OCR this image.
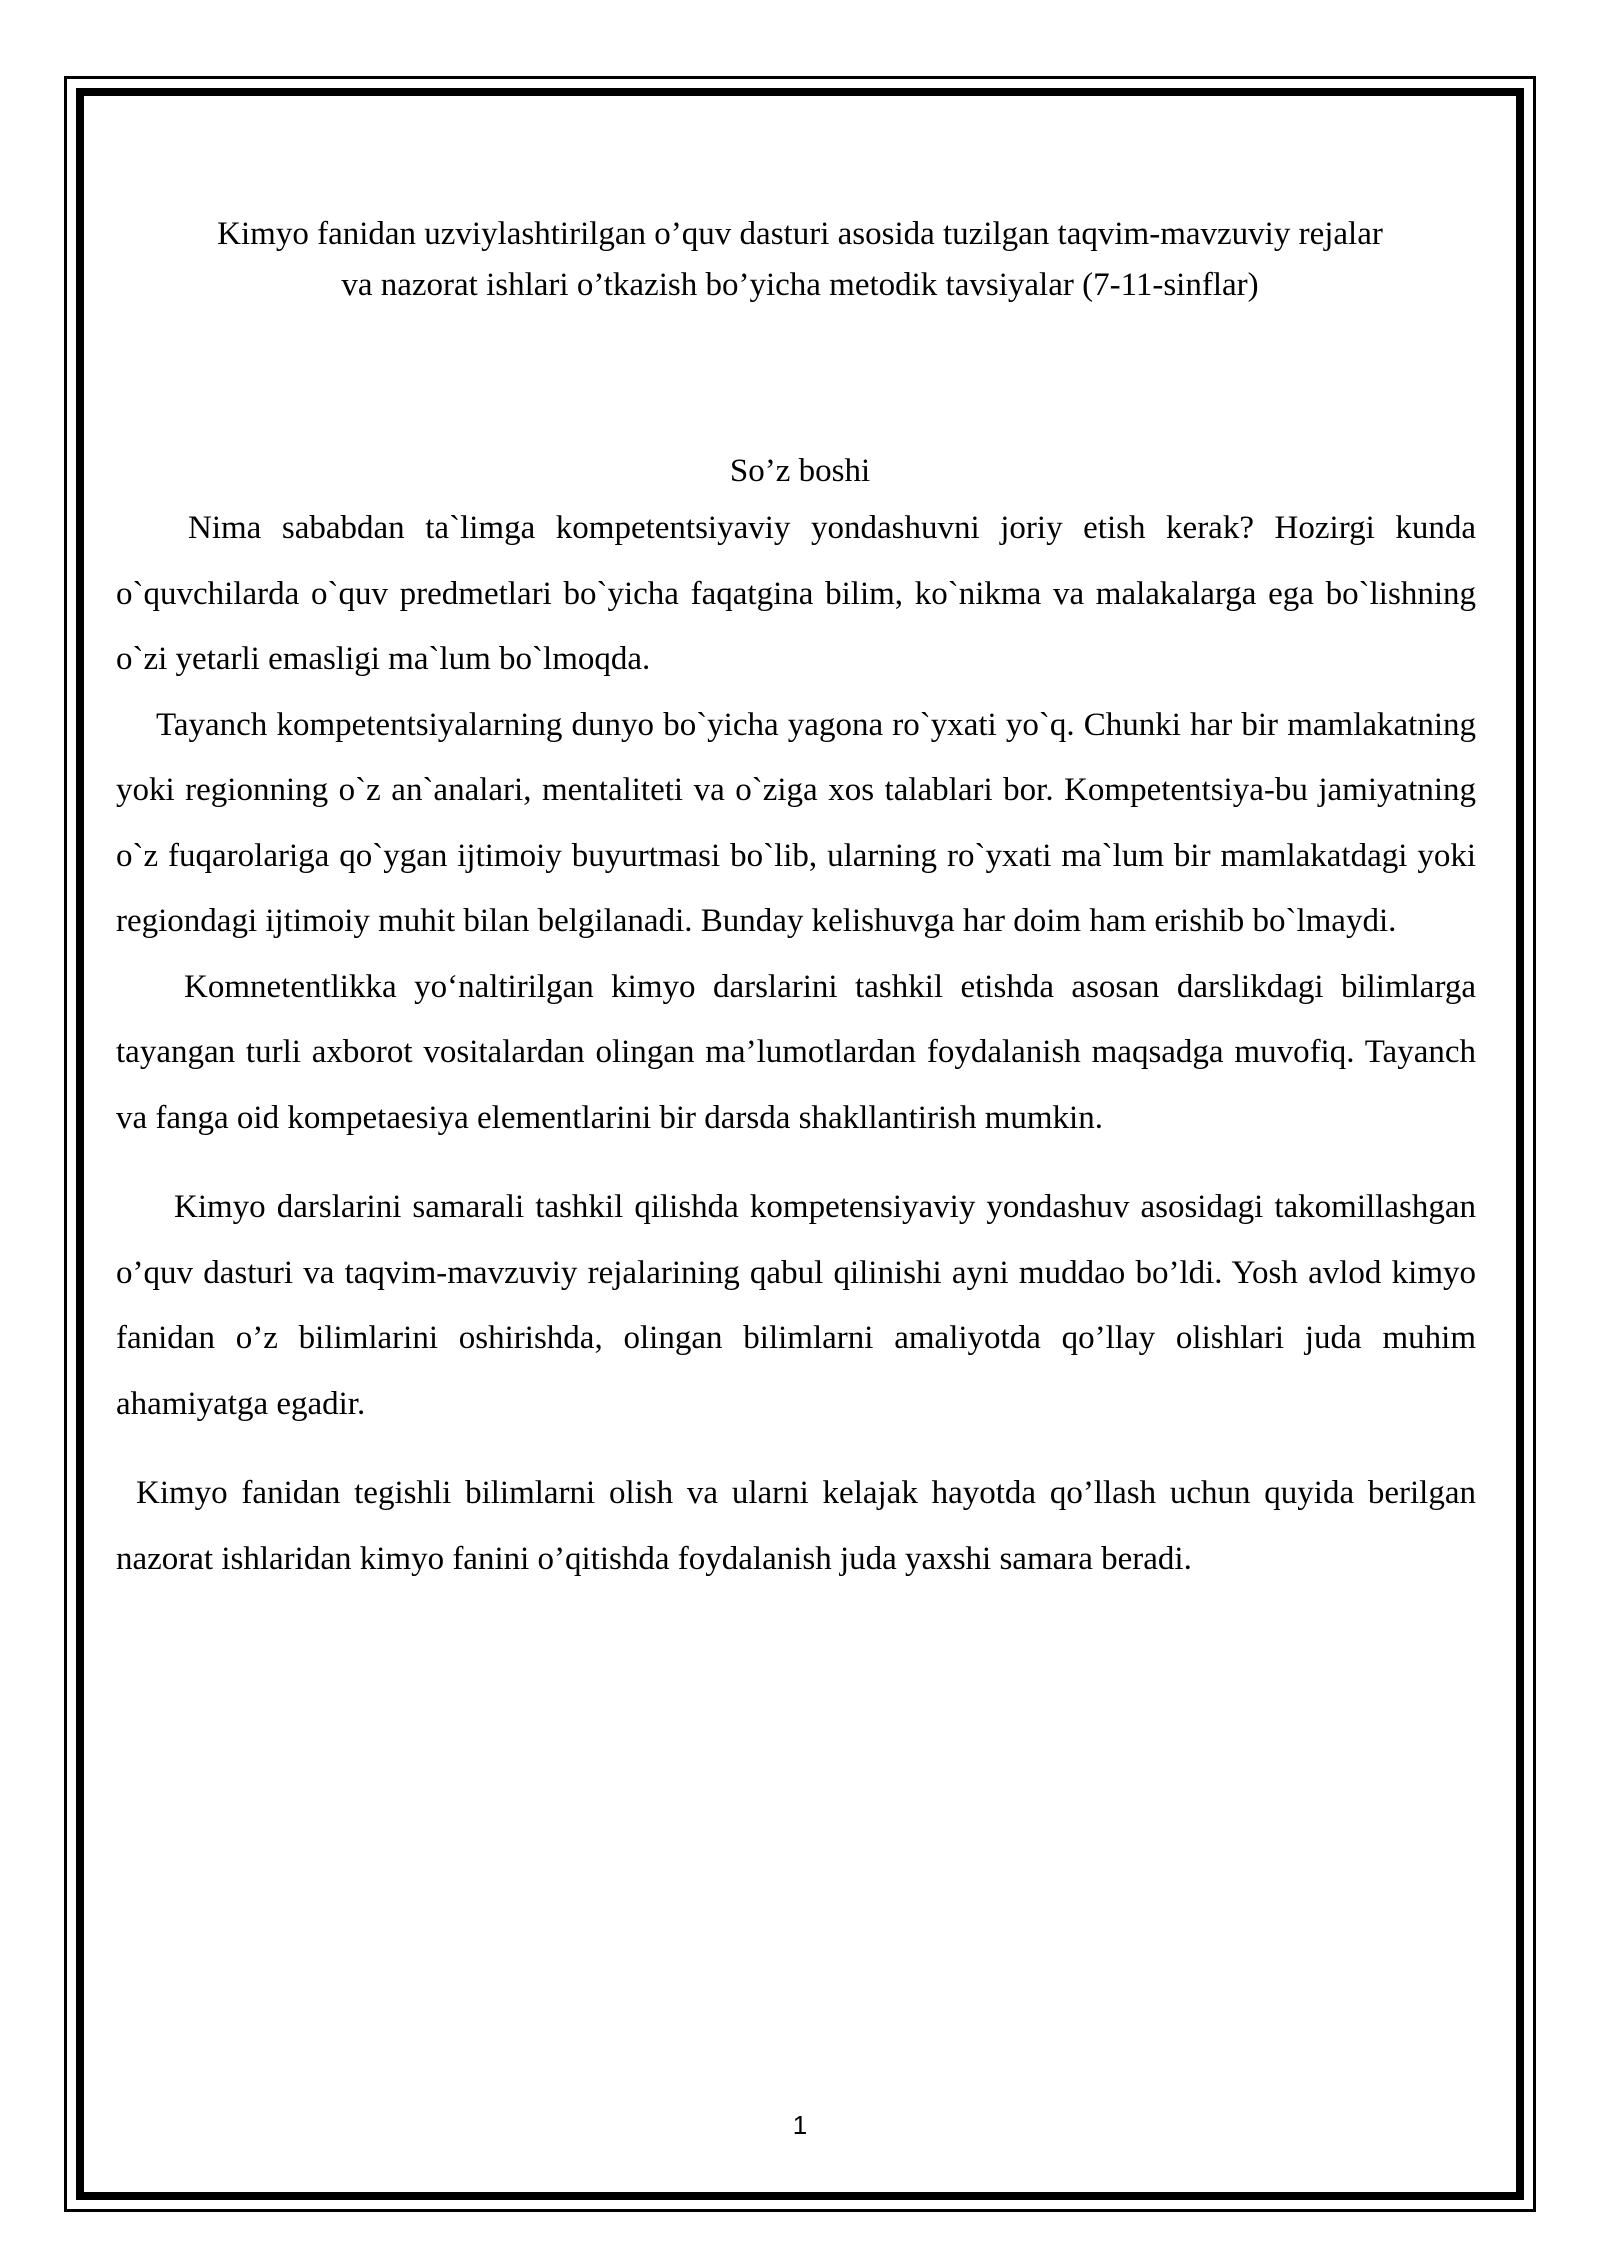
Kimyo fanidan uzviylashtirilgan o’quv dasturi asosida tuzilgan taqvim-mavzuviy rejalar
va nazorat ishlari o’tkazish bo’yicha metodik tavsiyalar (7-11-sinflar)
So’z boshi

Nima sababdan ta`limga kompetentsiyaviy yondashuvni joriy etish kerak? Hozirgi kunda o`quvchilarda o`quv predmetlari bo`yicha faqatgina bilim, ko`nikma va malakalarga ega bo`lishning o`zi yetarli emasligi ma`lum bo`lmoqda.

Tayanch kompetentsiyalarning dunyo bo`yicha yagona ro`yxati yo`q. Chunki har bir mamlakatning yoki regionning o`z an`analari, mentaliteti va o`ziga xos talablari bor. Kompetentsiya-bu jamiyatning o`z fuqarolariga qo`ygan ijtimoiy buyurtmasi bo`lib, ularning ro`yxati ma`lum bir mamlakatdagi yoki regiondagi ijtimoiy muhit bilan belgilanadi. Bunday kelishuvga har doim ham erishib bo`lmaydi.

Komnetentlikka yo‘naltirilgan kimyo darslarini tashkil etishda asosan darslikdagi bilimlarga tayangan turli axborot vositalardan olingan ma’lumotlardan foydalanish maqsadga muvofiq. Tayanch va fanga oid kompetaesiya elementlarini bir darsda shakllantirish mumkin.

Kimyo darslarini samarali tashkil qilishda kompetensiyaviy yondashuv asosidagi takomillashgan o’quv dasturi va taqvim-mavzuviy rejalarining qabul qilinishi ayni muddao bo’ldi. Yosh avlod kimyo fanidan o’z bilimlarini oshirishda, olingan bilimlarni amaliyotda qo’llay olishlari juda muhim ahamiyatga egadir.

Kimyo fanidan tegishli bilimlarni olish va ularni kelajak hayotda qo’llash uchun quyida berilgan nazorat ishlaridan kimyo fanini o’qitishda foydalanish juda yaxshi samara beradi.

1
